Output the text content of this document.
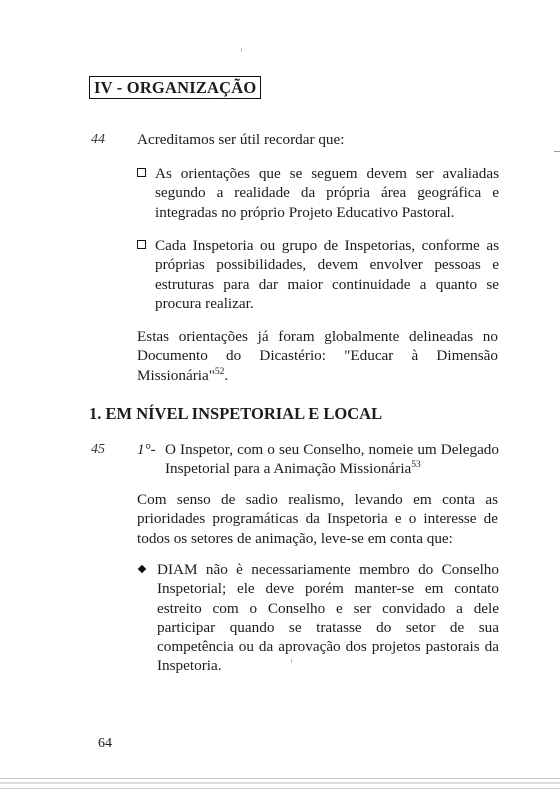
IV - ORGANIZAÇÃO
44 Acreditamos ser útil recordar que:
As orientações que se seguem devem ser avaliadas segundo a realidade da própria área geográfica e integradas no próprio Projeto Educativo Pastoral.
Cada Inspetoria ou grupo de Inspetorias, conforme as próprias possibilidades, devem envolver pessoas e estruturas para dar maior continuidade a quanto se procura realizar.
Estas orientações já foram globalmente delineadas no Documento do Dicastério: "Educar à Dimensão Missionária"$^{52}$.
1. EM NÍVEL INSPETORIAL E LOCAL
45 1°- O Inspetor, com o seu Conselho, nomeie um Delegado Inspetorial para a Animação Missionária$^{53}$
Com senso de sadio realismo, levando em conta as prioridades programáticas da Inspetoria e o interesse de todos os setores de animação, leve-se em conta que:
DIAM não è necessariamente membro do Conselho Inspetorial; ele deve porém manter-se em contato estreito com o Conselho e ser convidado a dele participar quando se tratasse do setor de sua competência ou da aprovação dos projetos pastorais da Inspetoria.
64
